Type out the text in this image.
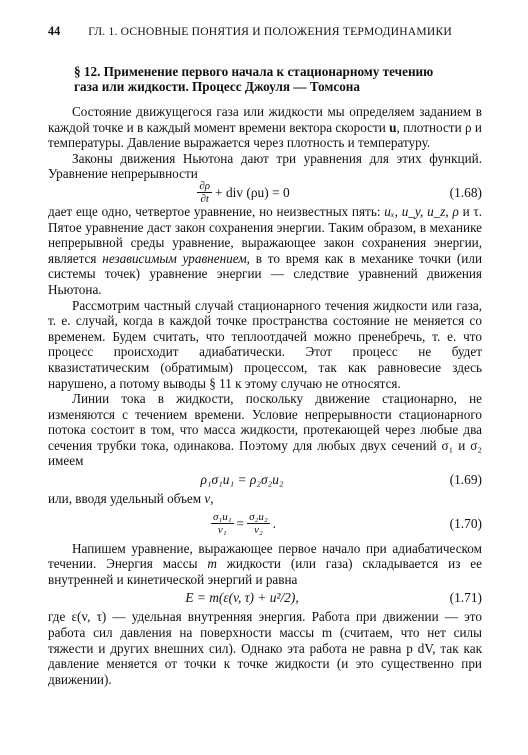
44 ГЛ. 1. ОСНОВНЫЕ ПОНЯТИЯ И ПОЛОЖЕНИЯ ТЕРМОДИНАМИКИ
§ 12. Применение первого начала к стационарному течению
газа или жидкости. Процесс Джоуля — Томсона

Состояние движущегося газа или жидкости мы определяем заданием в каждой точке и в каждый момент времени вектора скорости u, плотности ρ и температуры. Давление выражается через плотность и температуру.

Законы движения Ньютона дают три уравнения для этих функций. Уравнение непрерывности

$\frac{\partial\rho}{\partial t}$ + div (ρu) = 0	(1.68)

дает еще одно, четвертое уравнение, но неизвестных пять: uₓ, u_y, u_z, ρ и τ. Пятое уравнение даст закон сохранения энергии. Таким образом, в механике непрерывной среды уравнение, выражающее закон сохранения энергии, является независимым уравнением, в то время как в механике точки (или системы точек) уравнение энергии — следствие уравнений движения Ньютона.

Рассмотрим частный случай стационарного течения жидкости или газа, т. е. случай, когда в каждой точке пространства состояние не меняется со временем. Будем считать, что теплоотдачей можно пренебречь, т. е. что процесс происходит адиабатически. Этот процесс не будет квазистатическим (обратимым) процессом, так как равновесие здесь нарушено, а потому выводы § 11 к этому случаю не относятся.

Линии тока в жидкости, поскольку движение стационарно, не изменяются с течением времени. Условие непрерывности стационарного потока состоит в том, что масса жидкости, протекающей через любые два сечения трубки тока, одинакова. Поэтому для любых двух сечений σ₁ и σ₂ имеем

ρ₁σ₁u₁ = ρ₂σ₂u₂	(1.69)

или, вводя удельный объем v,

$\frac{\text{σ₁u₁}}{\text{v₁}} = \frac{\text{σ₂u₂}}{\text{v₂}}$ .	(1.70)

Напишем уравнение, выражающее первое начало при адиабатическом течении. Энергия массы m жидкости (или газа) складывается из ее внутренней и кинетической энергий и равна

E = m(ε(v, τ) + u²/2),	(1.71)

где ε(v, τ) — удельная внутренняя энергия. Работа при движении — это работа сил давления на поверхности массы m (считаем, что нет силы тяжести и других внешних сил). Однако эта работа не равна p dV, так как давление меняется от точки к точке жидкости (и это существенно при движении).
